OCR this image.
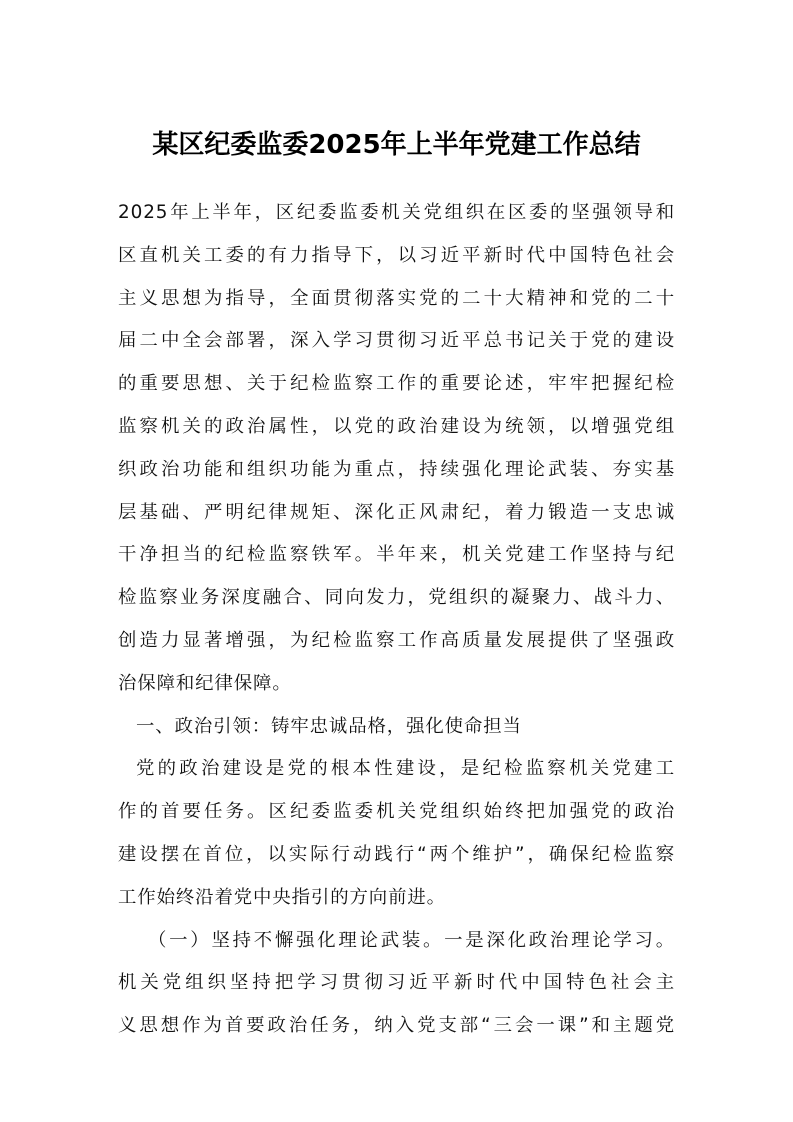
某区纪委监委2025年上半年党建工作总结
2025年上半年，区纪委监委机关党组织在区委的坚强领导和
区直机关工委的有力指导下，以习近平新时代中国特色社会
主义思想为指导，全面贯彻落实党的二十大精神和党的二十
届二中全会部署，深入学习贯彻习近平总书记关于党的建设
的重要思想、关于纪检监察工作的重要论述，牢牢把握纪检
监察机关的政治属性，以党的政治建设为统领，以增强党组
织政治功能和组织功能为重点，持续强化理论武装、夯实基
层基础、严明纪律规矩、深化正风肃纪，着力锻造一支忠诚
干净担当的纪检监察铁军。半年来，机关党建工作坚持与纪
检监察业务深度融合、同向发力，党组织的凝聚力、战斗力、
创造力显著增强，为纪检监察工作高质量发展提供了坚强政
治保障和纪律保障。
一、政治引领：铸牢忠诚品格，强化使命担当
党的政治建设是党的根本性建设，是纪检监察机关党建工
作的首要任务。区纪委监委机关党组织始终把加强党的政治
建设摆在首位，以实际行动践行“两个维护”，确保纪检监察
工作始终沿着党中央指引的方向前进。
（一）坚持不懈强化理论武装。一是深化政治理论学习。
机关党组织坚持把学习贯彻习近平新时代中国特色社会主
义思想作为首要政治任务，纳入党支部“三会一课”和主题党
